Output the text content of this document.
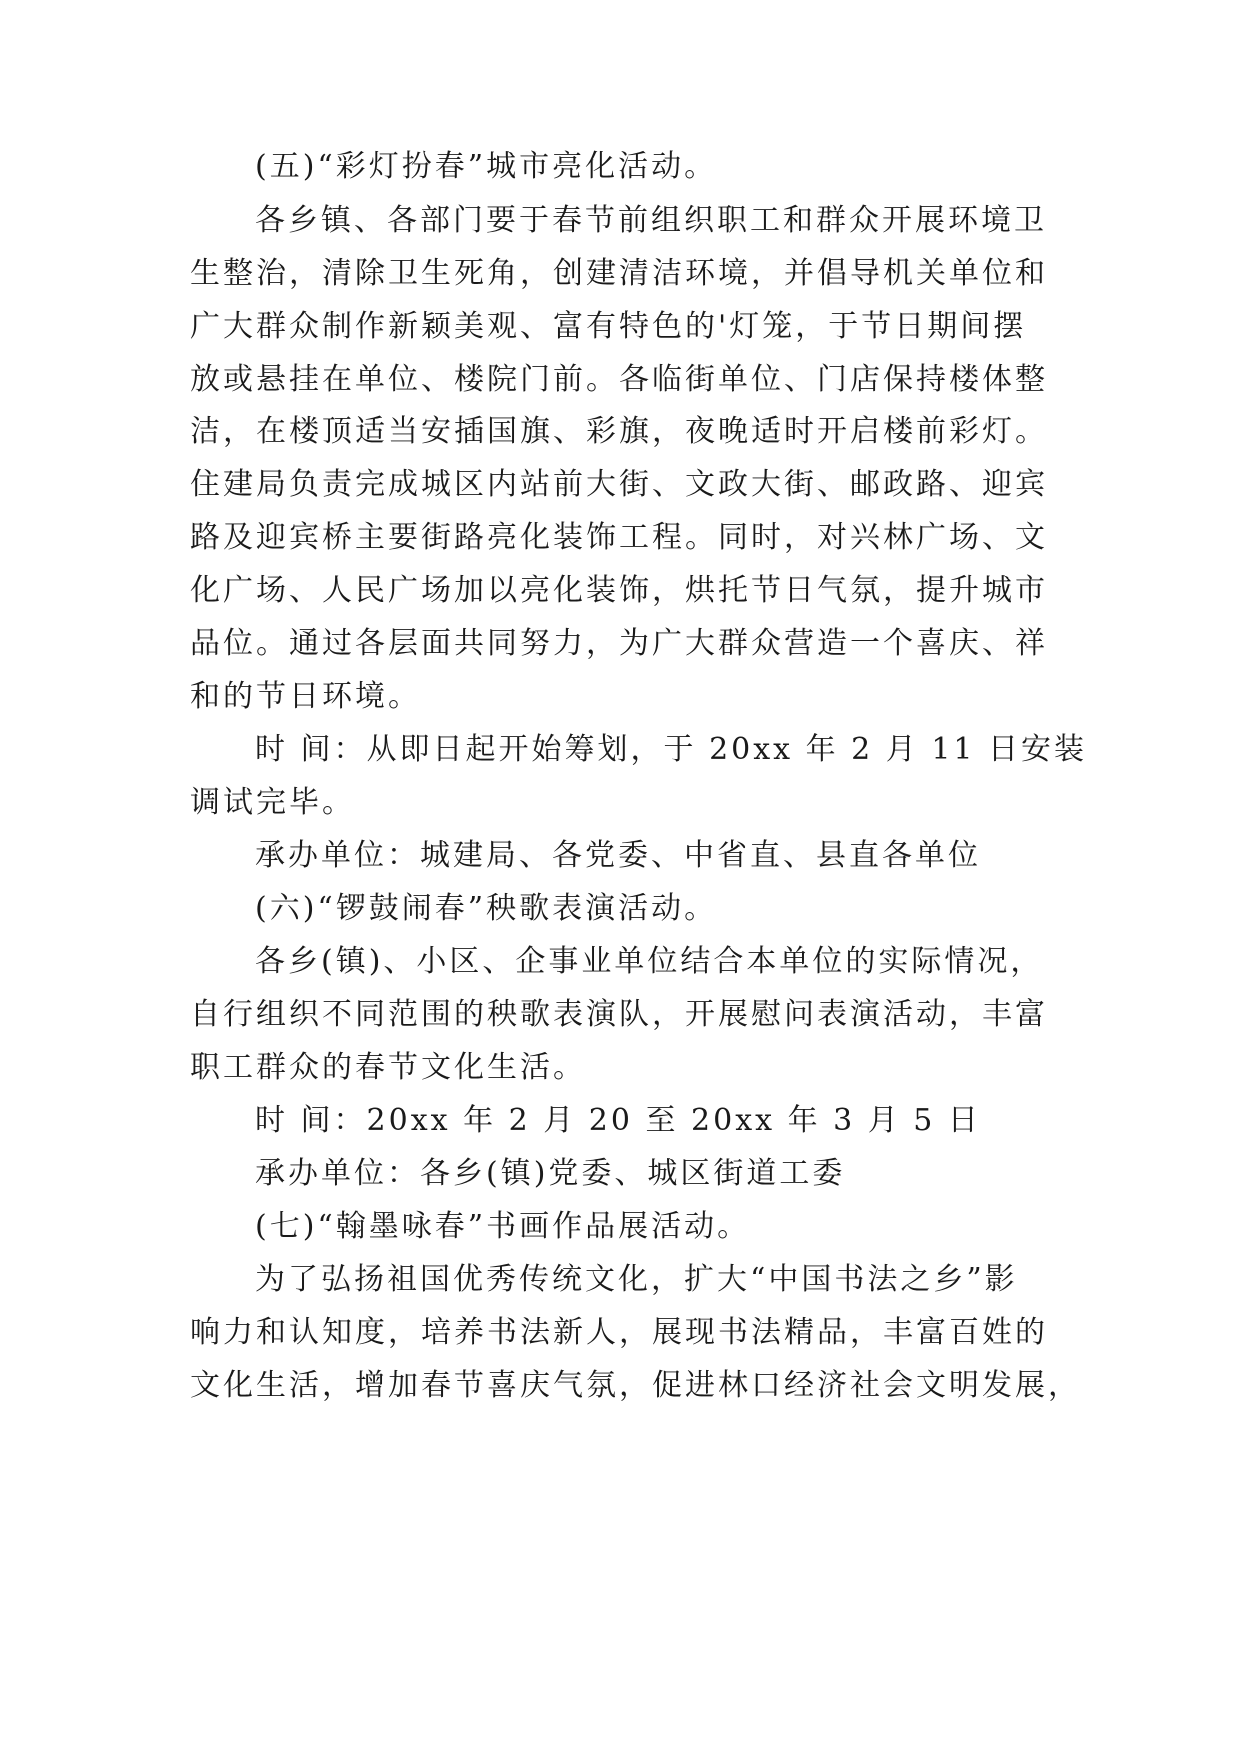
(五)“彩灯扮春”城市亮化活动。
各乡镇、各部门要于春节前组织职工和群众开展环境卫
生整治，清除卫生死角，创建清洁环境，并倡导机关单位和
广大群众制作新颖美观、富有特色的'灯笼，于节日期间摆
放或悬挂在单位、楼院门前。各临街单位、门店保持楼体整
洁，在楼顶适当安插国旗、彩旗，夜晚适时开启楼前彩灯。
住建局负责完成城区内站前大街、文政大街、邮政路、迎宾
路及迎宾桥主要街路亮化装饰工程。同时，对兴林广场、文
化广场、人民广场加以亮化装饰，烘托节日气氛，提升城市
品位。通过各层面共同努力，为广大群众营造一个喜庆、祥
和的节日环境。
时 间：从即日起开始筹划，于 20xx 年 2 月 11 日安装
调试完毕。
承办单位：城建局、各党委、中省直、县直各单位
(六)“锣鼓闹春”秧歌表演活动。
各乡(镇)、小区、企事业单位结合本单位的实际情况，
自行组织不同范围的秧歌表演队，开展慰问表演活动，丰富
职工群众的春节文化生活。
时 间：20xx 年 2 月 20 至 20xx 年 3 月 5 日
承办单位：各乡(镇)党委、城区街道工委
(七)“翰墨咏春”书画作品展活动。
为了弘扬祖国优秀传统文化，扩大“中国书法之乡”影
响力和认知度，培养书法新人，展现书法精品，丰富百姓的
文化生活，增加春节喜庆气氛，促进林口经济社会文明发展，
